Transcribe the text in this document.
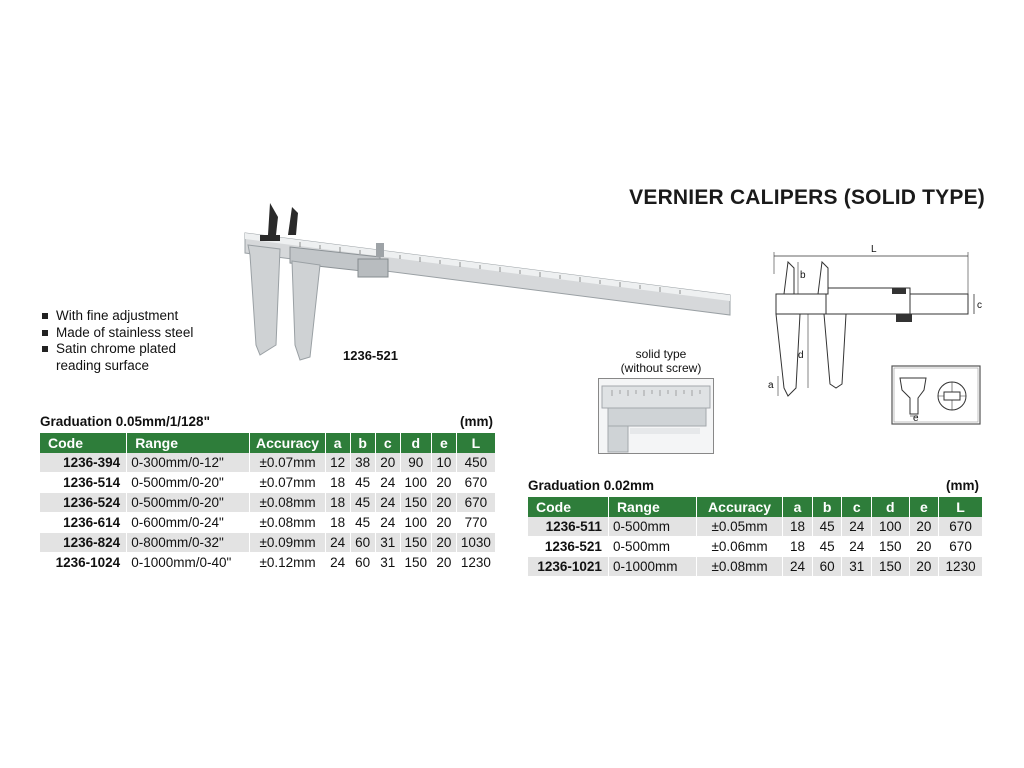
VERNIER CALIPERS (SOLID TYPE)
With fine adjustment
Made of stainless steel
Satin chrome plated
reading surface
1236-521	solid type
(without screw)
L
b
c
d
a
e
Graduation 0.05mm/1/128"	(mm)
Code	Range	Accuracy	a	b	c	d	e	L
1236-394	0-300mm/0-12"	±0.07mm	12	38	20	90	10	450
1236-514	0-500mm/0-20"	±0.07mm	18	45	24	100	20	670
1236-524	0-500mm/0-20"	±0.08mm	18	45	24	150	20	670
1236-614	0-600mm/0-24"	±0.08mm	18	45	24	100	20	770
1236-824	0-800mm/0-32"	±0.09mm	24	60	31	150	20	1030
1236-1024	0-1000mm/0-40"	±0.12mm	24	60	31	150	20	1230
Graduation 0.02mm	(mm)
Code	Range	Accuracy	a	b	c	d	e	L
1236-511	0-500mm	±0.05mm	18	45	24	100	20	670
1236-521	0-500mm	±0.06mm	18	45	24	150	20	670
1236-1021	0-1000mm	±0.08mm	24	60	31	150	20	1230
